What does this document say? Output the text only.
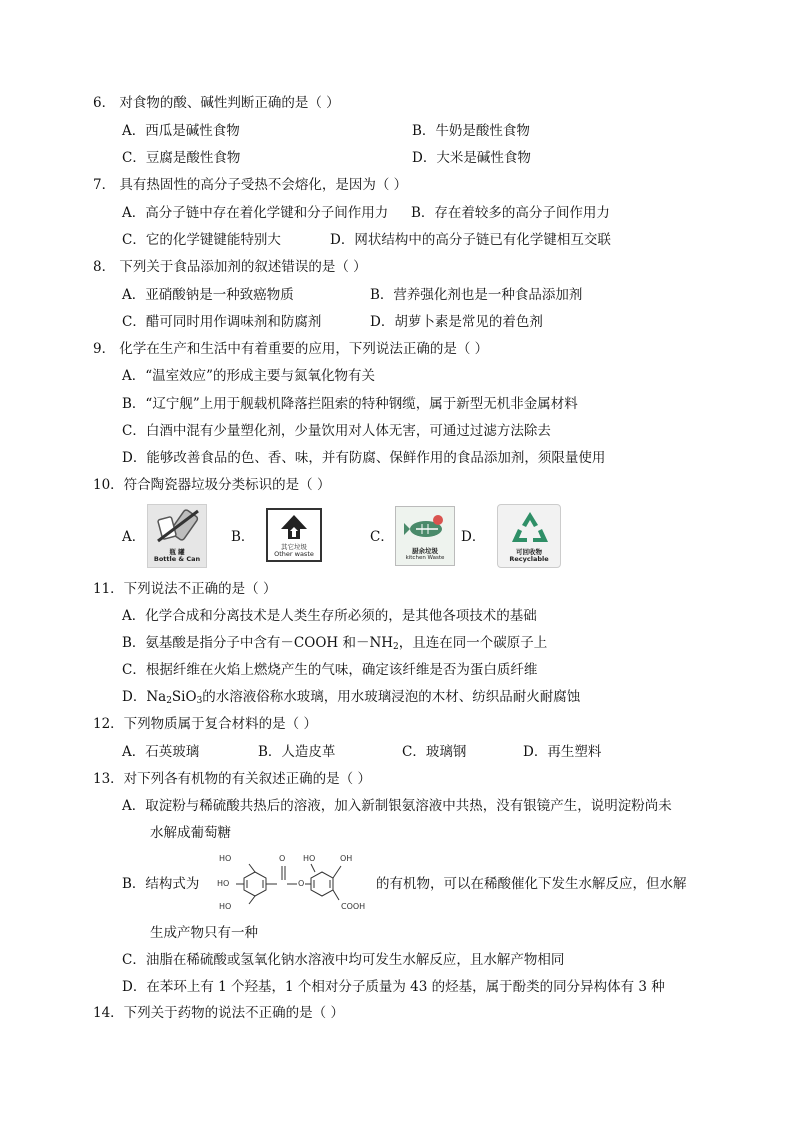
6． 对食物的酸、碱性判断正确的是（ ）
A．西瓜是碱性食物	B．牛奶是酸性食物
C．豆腐是酸性食物	D．大米是碱性食物
7． 具有热固性的高分子受热不会熔化，是因为（ ）
A．高分子链中存在着化学键和分子间作用力 B．存在着较多的高分子间作用力
C．它的化学键键能特别大	D．网状结构中的高分子链已有化学键相互交联
8． 下列关于食品添加剂的叙述错误的是（ ）
A．亚硝酸钠是一种致癌物质	B．营养强化剂也是一种食品添加剂
C．醋可同时用作调味剂和防腐剂	D．胡萝卜素是常见的着色剂
9． 化学在生产和生活中有着重要的应用，下列说法正确的是（ ）
A．“温室效应”的形成主要与氮氧化物有关
B．“辽宁舰”上用于舰载机降落拦阻索的特种钢缆，属于新型无机非金属材料
C．白酒中混有少量塑化剂，少量饮用对人体无害，可通过过滤方法除去
D．能够改善食品的色、香、味，并有防腐、保鲜作用的食品添加剂，须限量使用
10．符合陶瓷器垃圾分类标识的是（ ）
A．	B．	C．	D．
瓶 罐
Bottle & Can
其它垃圾
Other waste	厨余垃圾
kitchen Waste
可回收物
Recyclable
11．下列说法不正确的是（ ）
A．化学合成和分离技术是人类生存所必须的，是其他各项技术的基础
B．氨基酸是指分子中含有－COOH 和$-NH_2$，且连在同一个碳原子上
C．根据纤维在火焰上燃烧产生的气味，确定该纤维是否为蛋白质纤维
D．$Na_2SiO_3$的水溶液俗称水玻璃，用水玻璃浸泡的木材、纺织品耐火耐腐蚀
12．下列物质属于复合材料的是（ ）
A．石英玻璃	B．人造皮革	C．玻璃钢	D．再生塑料
13．对下列各有机物的有关叙述正确的是（ ）
A．取淀粉与稀硫酸共热后的溶液，加入新制银氨溶液中共热，没有银镜产生，说明淀粉尚未
水解成葡萄糖
B．结构式为	的有机物，可以在稀酸催化下发生水解反应，但水解
生成产物只有一种
HO
HO
HO
O
O
HO	OH
COOH
C．油脂在稀硫酸或氢氧化钠水溶液中均可发生水解反应，且水解产物相同
D．在苯环上有 1 个羟基，1 个相对分子质量为 43 的烃基，属于酚类的同分异构体有 3 种
14．下列关于药物的说法不正确的是（ ）
